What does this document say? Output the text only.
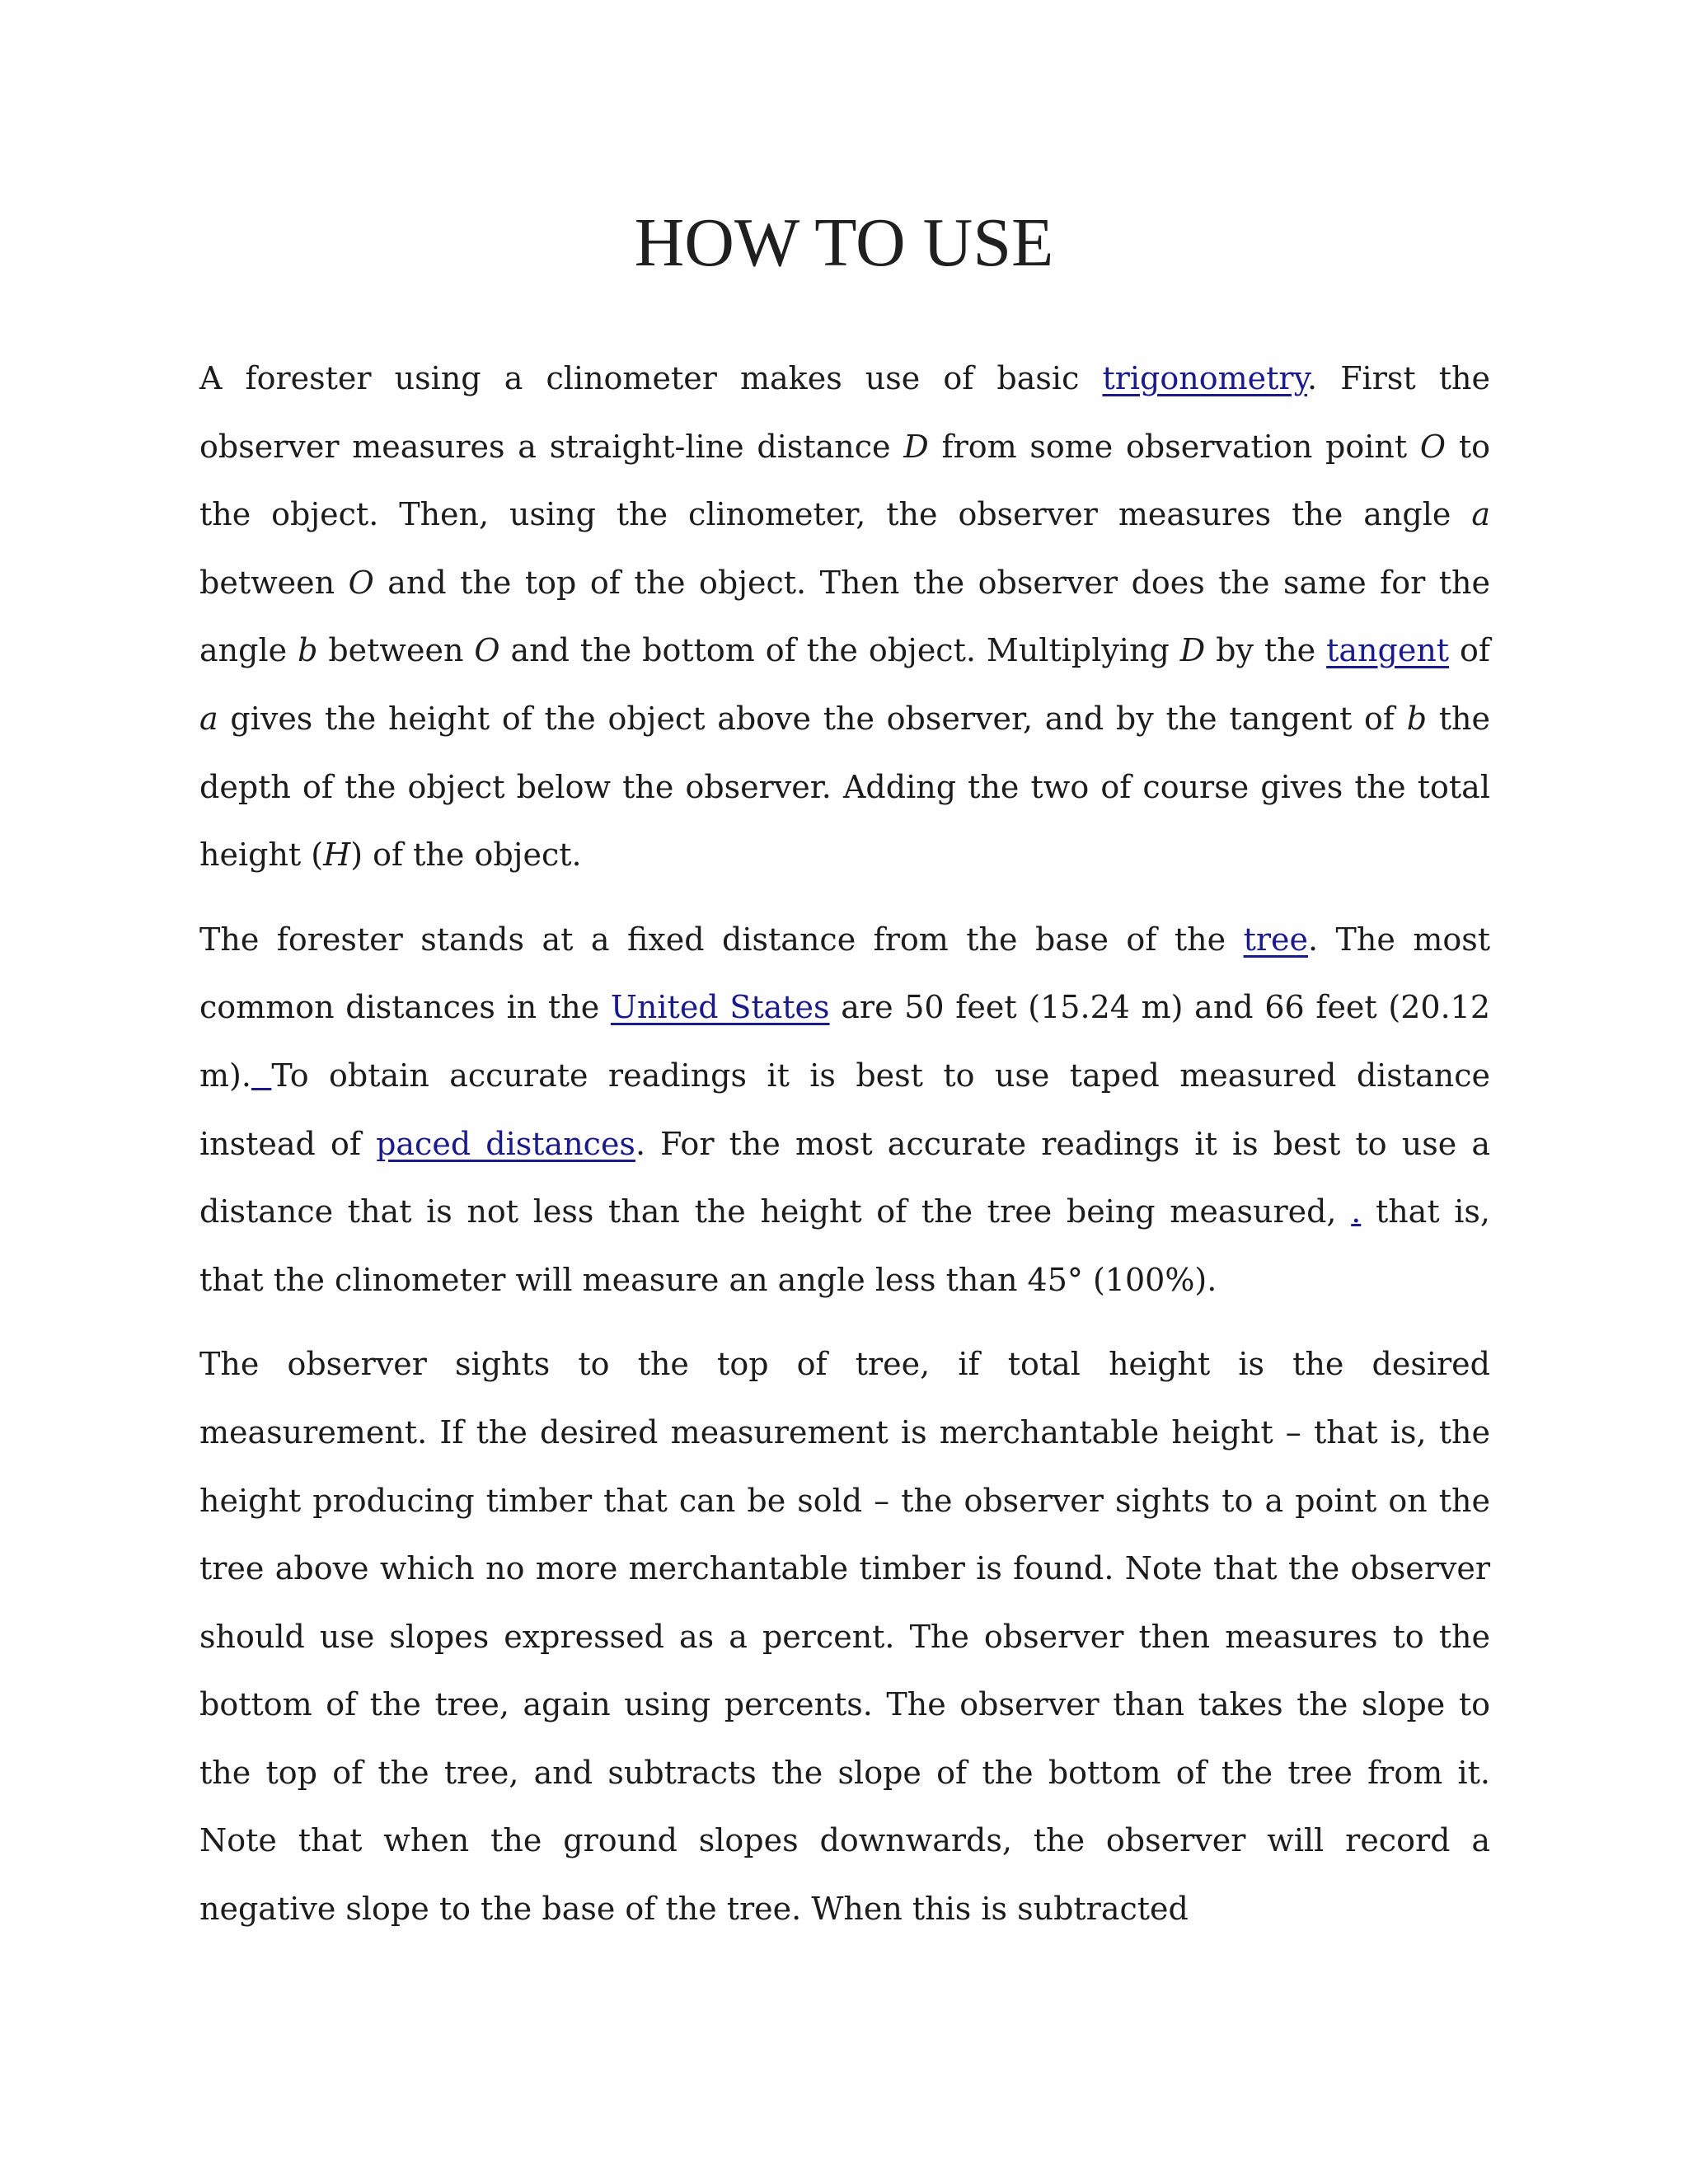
HOW TO USE

A forester using a clinometer makes use of basic trigonometry. First the observer measures a straight-line distance D from some observation point O to the object. Then, using the clinometer, the observer measures the angle a between O and the top of the object. Then the observer does the same for the angle b between O and the bottom of the object. Multiplying D by the tangent of a gives the height of the object above the observer, and by the tangent of b the depth of the object below the observer. Adding the two of course gives the total height (H) of the object.

The forester stands at a fixed distance from the base of the tree. The most common distances in the United States are 50 feet (15.24 m) and 66 feet (20.12 m). To obtain accurate readings it is best to use taped measured distance instead of paced distances. For the most accurate readings it is best to use a distance that is not less than the height of the tree being measured, . that is, that the clinometer will measure an angle less than 45° (100%).

The observer sights to the top of tree, if total height is the desired measurement. If the desired measurement is merchantable height – that is, the height producing timber that can be sold – the observer sights to a point on the tree above which no more merchantable timber is found. Note that the observer should use slopes expressed as a percent. The observer then measures to the bottom of the tree, again using percents. The observer than takes the slope to the top of the tree, and subtracts the slope of the bottom of the tree from it. Note that when the ground slopes downwards, the observer will record a negative slope to the base of the tree. When this is subtracted
